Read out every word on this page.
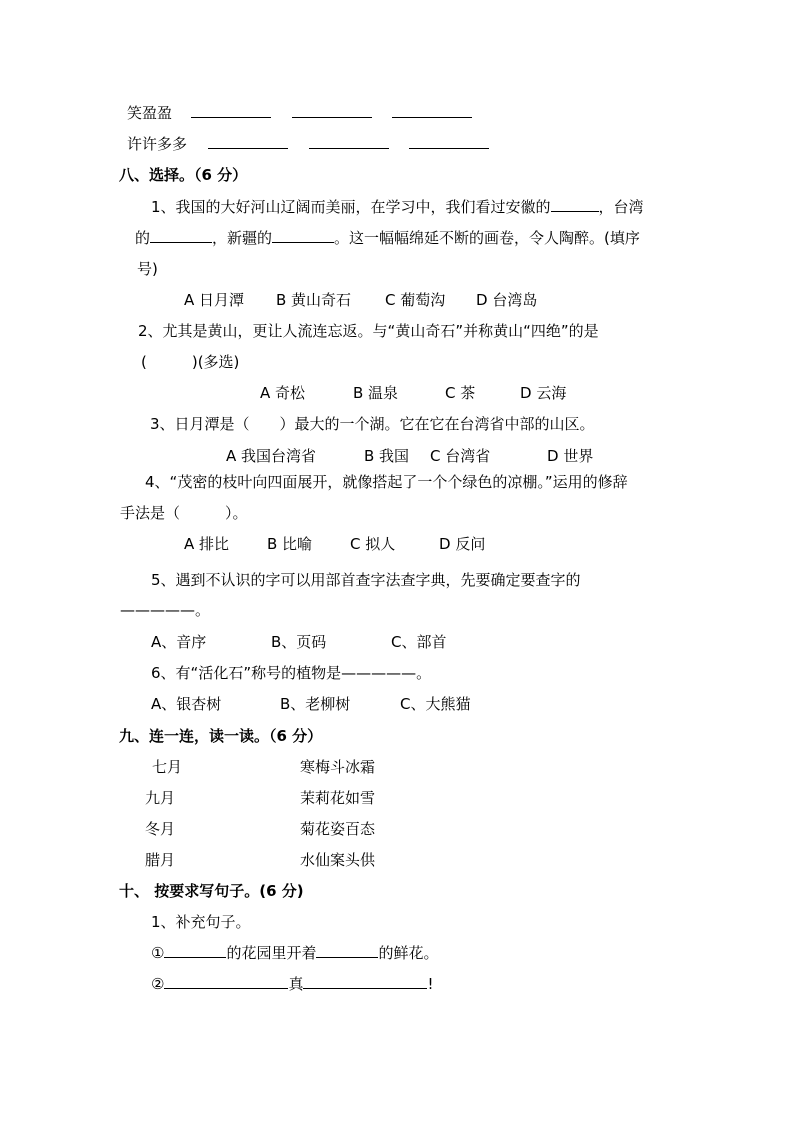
笑盈盈
许许多多
八、选择。（6 分）
1、我国的大好河山辽阔而美丽，在学习中，我们看过安徽的	，台湾
的	，新疆的	。这一幅幅绵延不断的画卷，令人陶醉。(填序
号)
A 日月潭 B 黄山奇石 C 葡萄沟 D 台湾岛
2、尤其是黄山，更让人流连忘返。与“黄山奇石”并称黄山“四绝”的是
(　　　)(多选)
A 奇松	B 温泉	C 茶	D 云海
3、日月潭是（　　）最大的一个湖。它在它在台湾省中部的山区。
A 我国台湾省	B 我国 C 台湾省	D 世界
4、“茂密的枝叶向四面展开，就像搭起了一个个绿色的凉棚。”运用的修辞
手法是（　　　）。
A 排比	B 比喻	C 拟人	D 反问
5、遇到不认识的字可以用部首查字法查字典，先要确定要查字的
—————。
A、音序	B、页码	C、部首
6、有“活化石”称号的植物是—————。
A、银杏树	B、老柳树	C、大熊猫
九、连一连，读一读。（6 分）
七月
九月
冬月
腊月
寒梅斗冰霜
茉莉花如雪
菊花姿百态
水仙案头供
十、 按要求写句子。(6 分)
1、补充句子。
①	的花园里开着	的鲜花。
②	真	!
